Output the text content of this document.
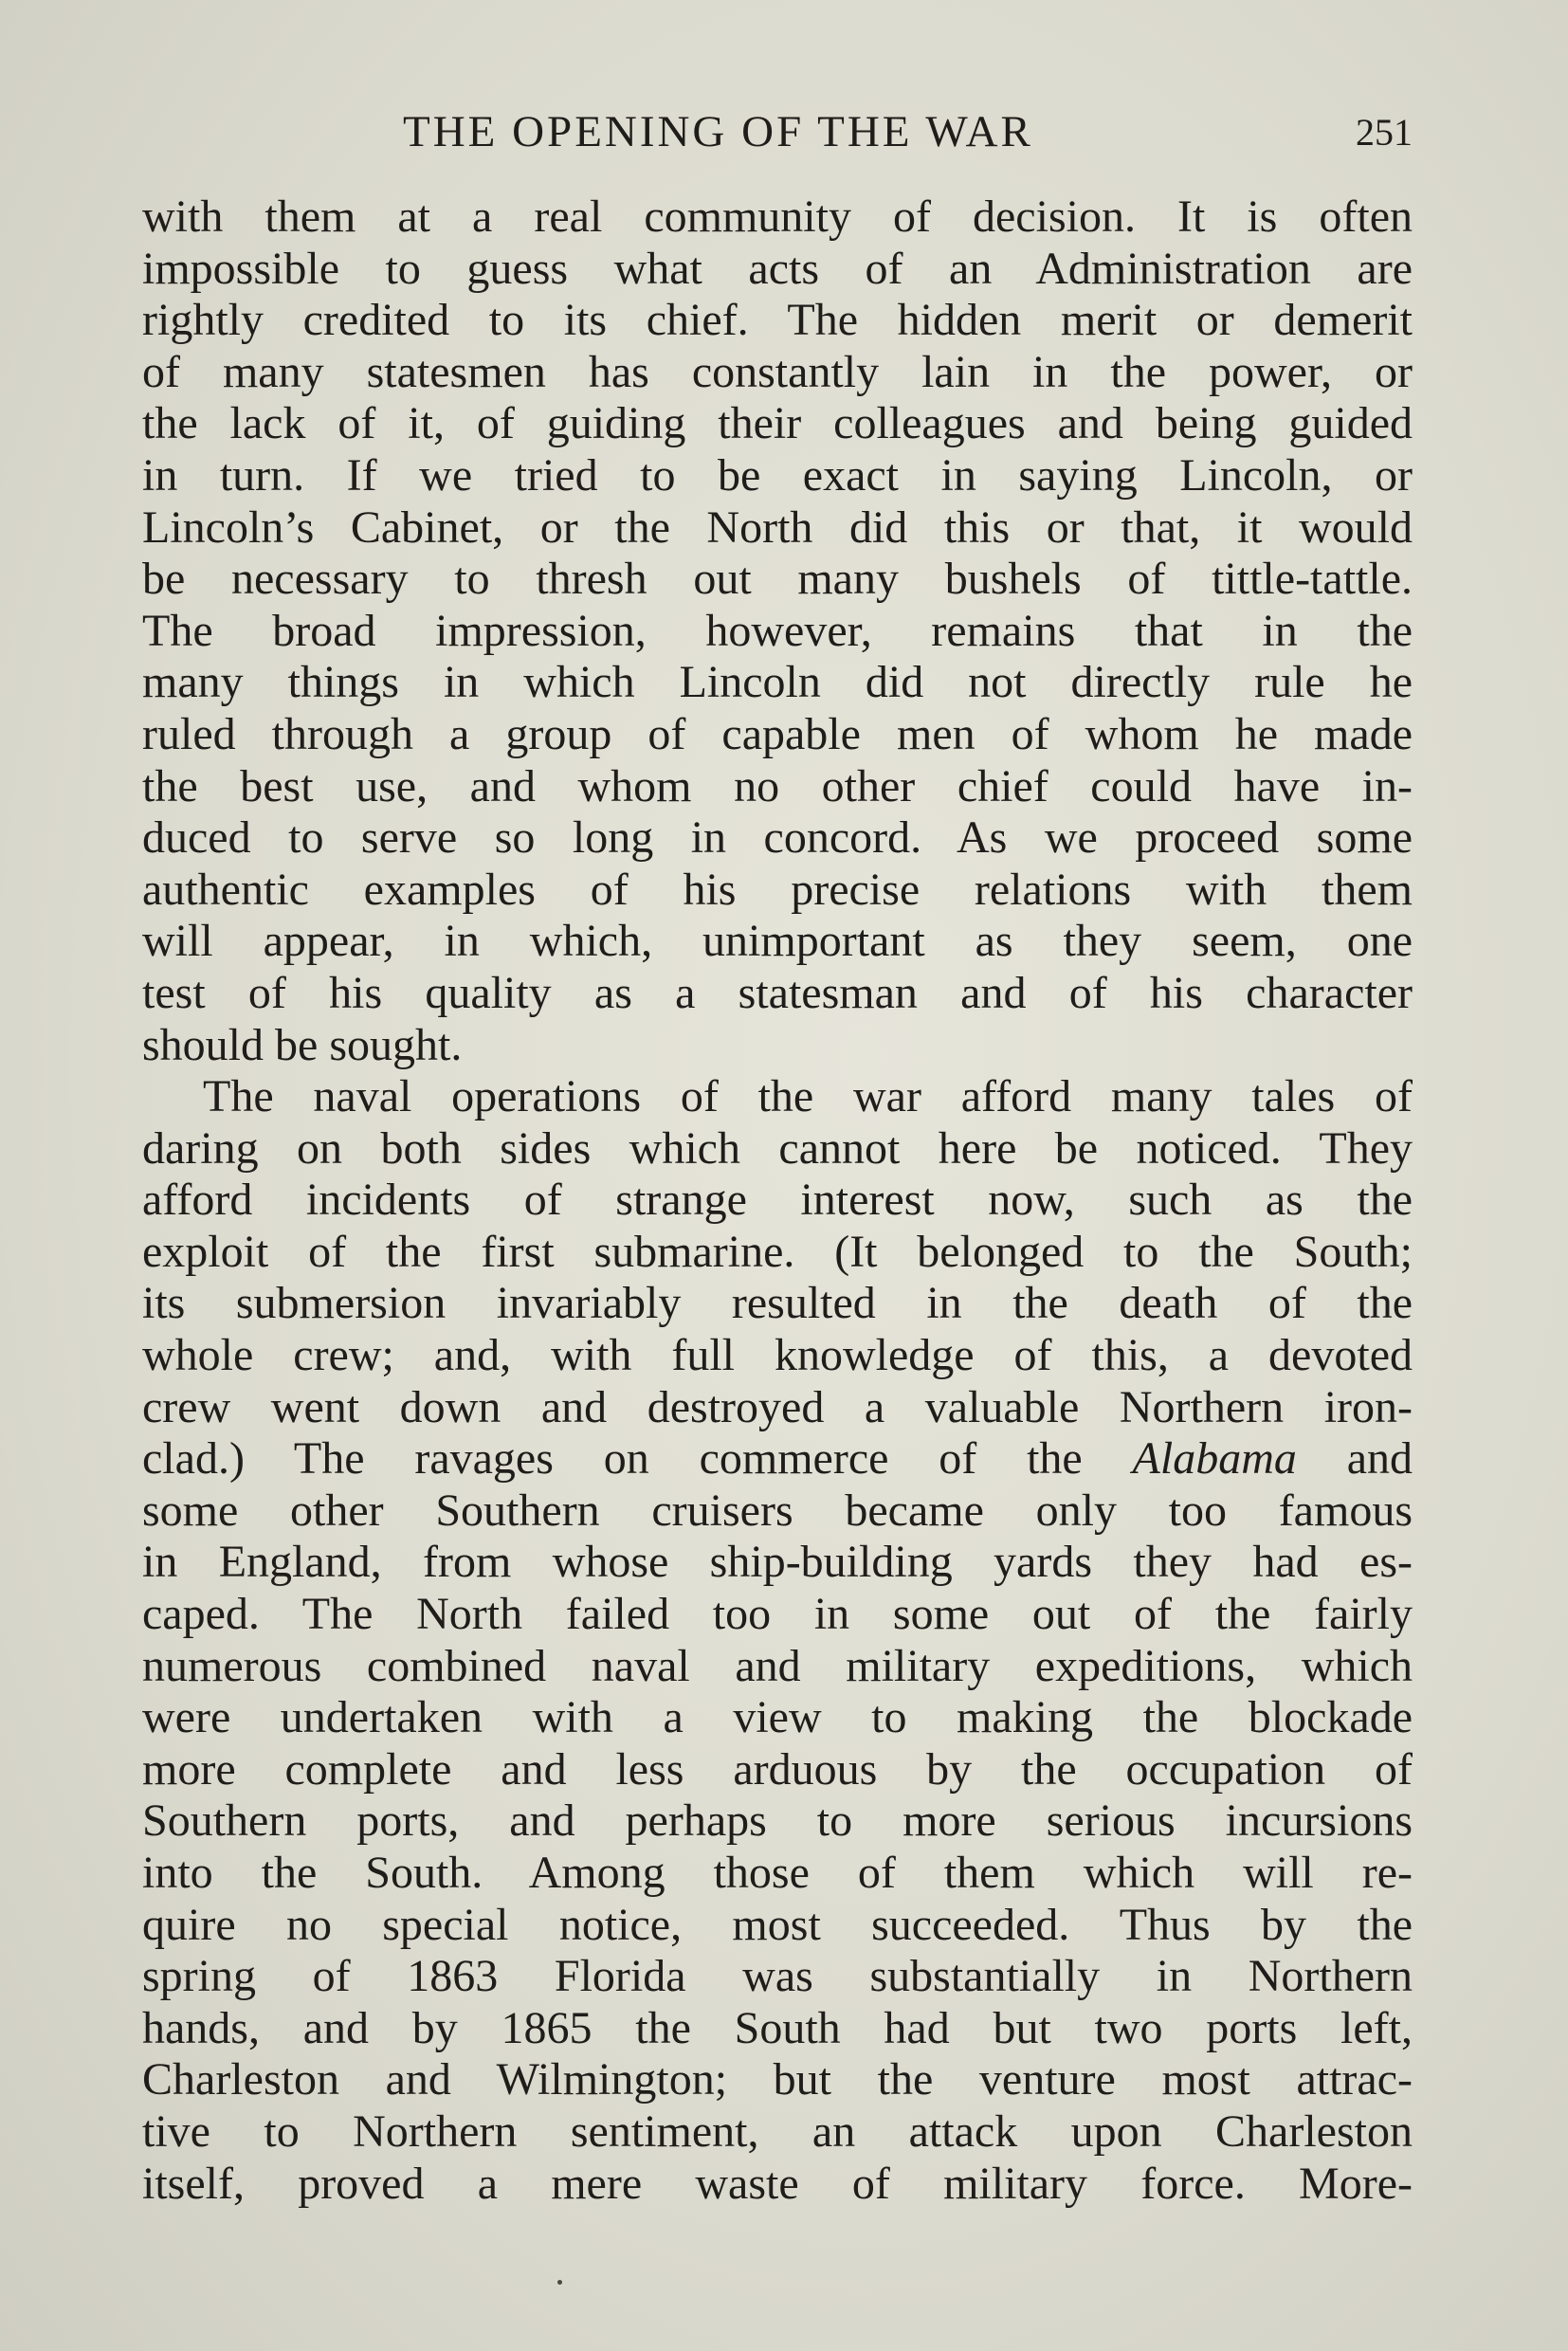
THE OPENING OF THE WAR	251
with them at a real community of decision. It is often
impossible to guess what acts of an Administration are
rightly credited to its chief. The hidden merit or demerit
of many statesmen has constantly lain in the power, or
the lack of it, of guiding their colleagues and being guided
in turn. If we tried to be exact in saying Lincoln, or
Lincoln’s Cabinet, or the North did this or that, it would
be necessary to thresh out many bushels of tittle-tattle.
The broad impression, however, remains that in the
many things in which Lincoln did not directly rule he
ruled through a group of capable men of whom he made
the best use, and whom no other chief could have in-
duced to serve so long in concord. As we proceed some
authentic examples of his precise relations with them
will appear, in which, unimportant as they seem, one
test of his quality as a statesman and of his character
should be sought.
The naval operations of the war afford many tales of
daring on both sides which cannot here be noticed. They
afford incidents of strange interest now, such as the
exploit of the first submarine. (It belonged to the South;
its submersion invariably resulted in the death of the
whole crew; and, with full knowledge of this, a devoted
crew went down and destroyed a valuable Northern iron-
clad.) The ravages on commerce of the Alabama and
some other Southern cruisers became only too famous
in England, from whose ship-building yards they had es-
caped. The North failed too in some out of the fairly
numerous combined naval and military expeditions, which
were undertaken with a view to making the blockade
more complete and less arduous by the occupation of
Southern ports, and perhaps to more serious incursions
into the South. Among those of them which will re-
quire no special notice, most succeeded. Thus by the
spring of 1863 Florida was substantially in Northern
hands, and by 1865 the South had but two ports left,
Charleston and Wilmington; but the venture most attrac-
tive to Northern sentiment, an attack upon Charleston
itself, proved a mere waste of military force. More-
